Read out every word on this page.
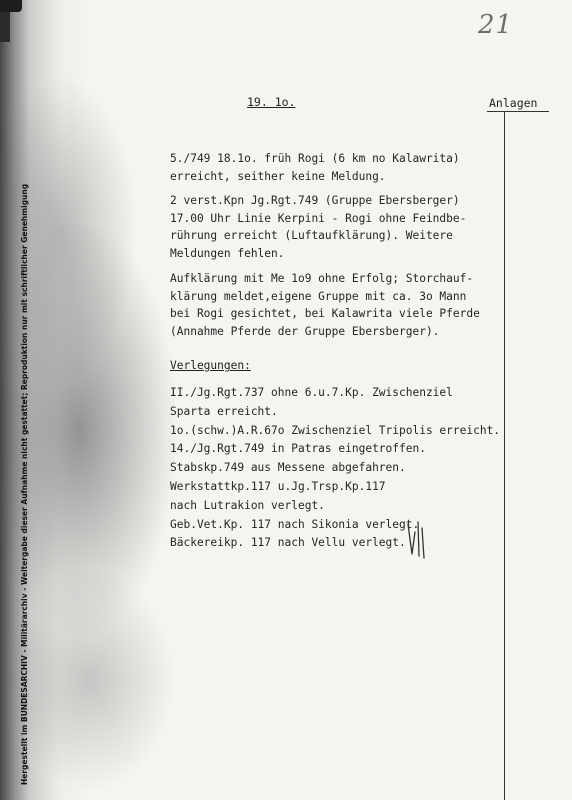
Hergestellt im BUNDESARCHIV - Militärarchiv - Weitergabe dieser Aufnahme nicht gestattet; Reproduktion nur mit schriftlicher Genehmigung
21
19. 1o.	Anlagen
5./749 18.1o. früh Rogi (6 km no Kalawrita)
erreicht, seither keine Meldung.
2 verst.Kpn Jg.Rgt.749 (Gruppe Ebersberger)
17.00 Uhr Linie Kerpini - Rogi ohne Feindbe-
rührung erreicht (Luftaufklärung). Weitere
Meldungen fehlen.
Aufklärung mit Me 1o9 ohne Erfolg; Storchauf-
klärung meldet,eigene Gruppe mit ca. 3o Mann
bei Rogi gesichtet, bei Kalawrita viele Pferde
(Annahme Pferde der Gruppe Ebersberger).
Verlegungen:
II./Jg.Rgt.737 ohne 6.u.7.Kp. Zwischenziel
Sparta erreicht.
1o.(schw.)A.R.67o Zwischenziel Tripolis erreicht.
14./Jg.Rgt.749 in Patras eingetroffen.
Stabskp.749 aus Messene abgefahren.
Werkstattkp.117 u.Jg.Trsp.Kp.117
nach Lutrakion verlegt.
Geb.Vet.Kp. 117 nach Sikonia verlegt.
Bäckereikp. 117 nach Vellu verlegt.
